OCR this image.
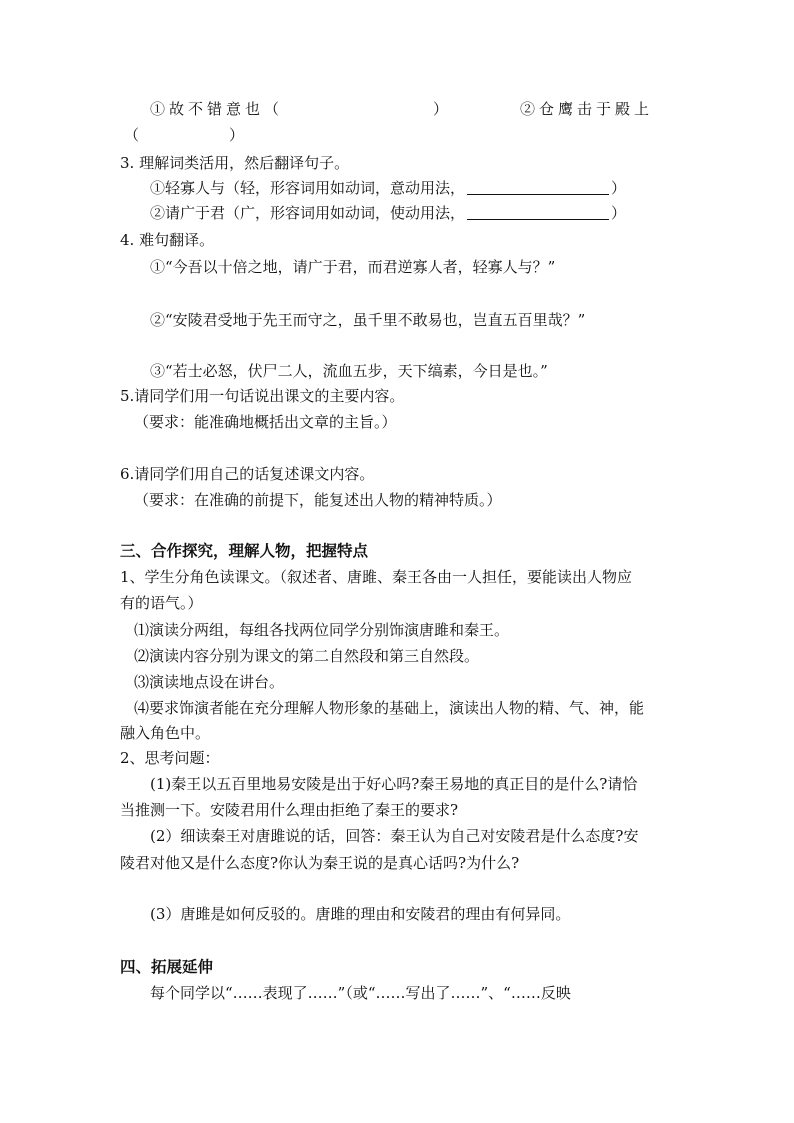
①故不错意也（	）	②仓鹰击于殿上
（　　　　　　）
3. 理解词类活用，然后翻译句子。
①轻寡人与（轻，形容词用如动词，意动用法，	）
②请广于君（广，形容词用如动词，使动用法，	）
4. 难句翻译。
①“今吾以十倍之地，请广于君，而君逆寡人者，轻寡人与？”
②“安陵君受地于先王而守之，虽千里不敢易也，岂直五百里哉？”
③“若士必怒，伏尸二人，流血五步，天下缟素，今日是也。”
5.请同学们用一句话说出课文的主要内容。
（要求：能准确地概括出文章的主旨。）
6.请同学们用自己的话复述课文内容。
（要求：在准确的前提下，能复述出人物的精神特质。）
三、合作探究，理解人物，把握特点
1、学生分角色读课文。（叙述者、唐雎、秦王各由一人担任，要能读出人物应
有的语气。）
⑴演读分两组，每组各找两位同学分别饰演唐雎和秦王。
⑵演读内容分别为课文的第二自然段和第三自然段。
⑶演读地点设在讲台。
⑷要求饰演者能在充分理解人物形象的基础上，演读出人物的精、气、神，能
融入角色中。
2、思考问题：
(1)秦王以五百里地易安陵是出于好心吗?秦王易地的真正目的是什么?请恰
当推测一下。安陵君用什么理由拒绝了秦王的要求?
(2）细读秦王对唐雎说的话，回答：秦王认为自己对安陵君是什么态度?安
陵君对他又是什么态度?你认为秦王说的是真心话吗?为什么?
(3）唐雎是如何反驳的。唐雎的理由和安陵君的理由有何异同。
四、拓展延伸
每个同学以“……表现了……”（或“……写出了……”、“……反映
